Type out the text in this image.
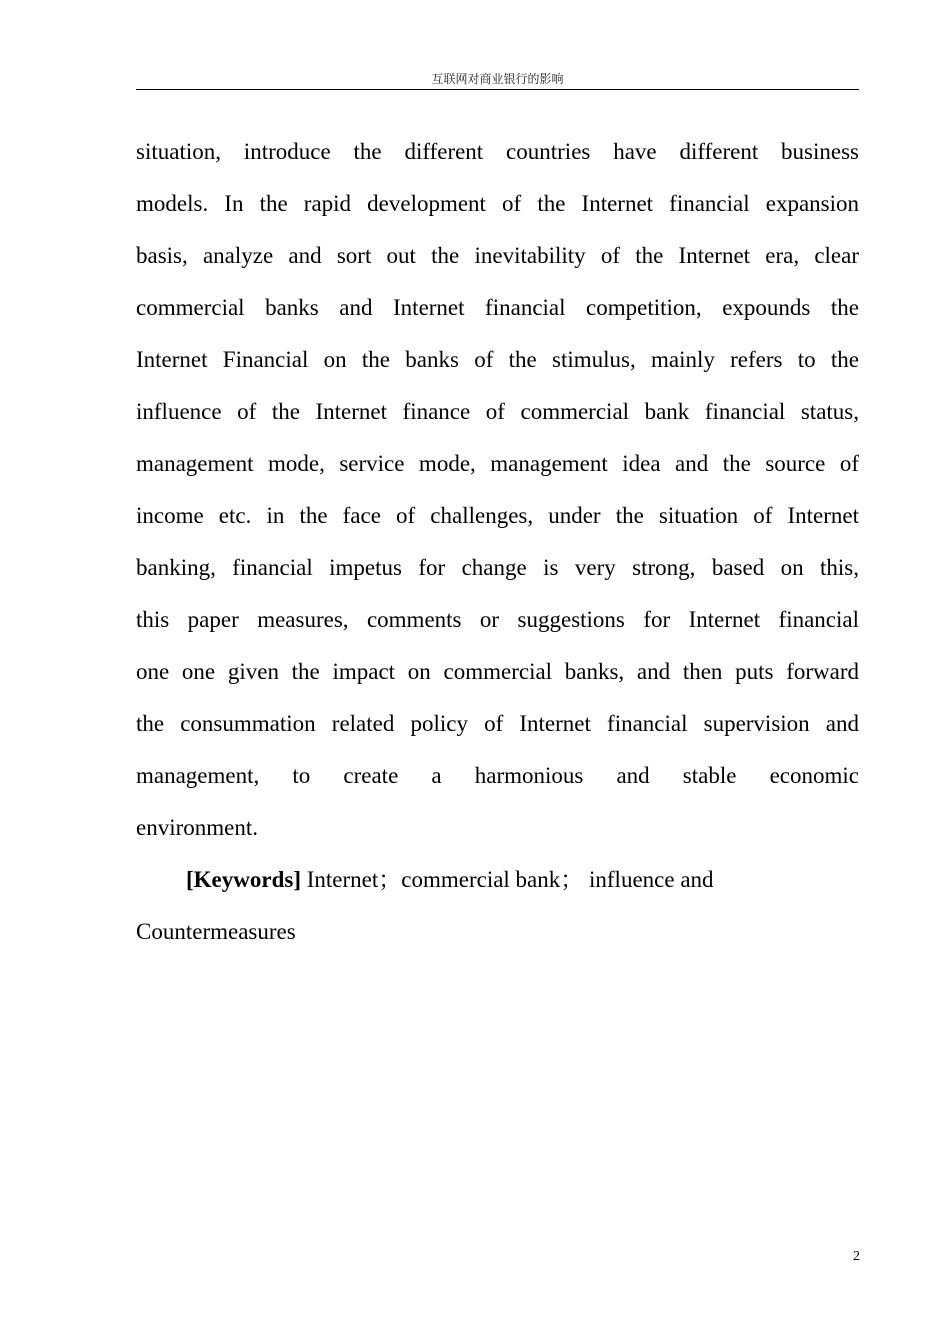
互联网对商业银行的影响
situation, introduce the different countries have different business
models. In the rapid development of the Internet financial expansion
basis, analyze and sort out the inevitability of the Internet era, clear
commercial banks and Internet financial competition, expounds the
Internet Financial on the banks of the stimulus, mainly refers to the
influence of the Internet finance of commercial bank financial status,
management mode, service mode, management idea and the source of
income etc. in the face of challenges, under the situation of Internet
banking, financial impetus for change is very strong, based on this,
this paper measures, comments or suggestions for Internet financial
one one given the impact on commercial banks, and then puts forward
the consummation related policy of Internet financial supervision and
management, to create a harmonious and stable economic
environment.
[Keywords] Internet；commercial bank； influence and
Countermeasures
2
